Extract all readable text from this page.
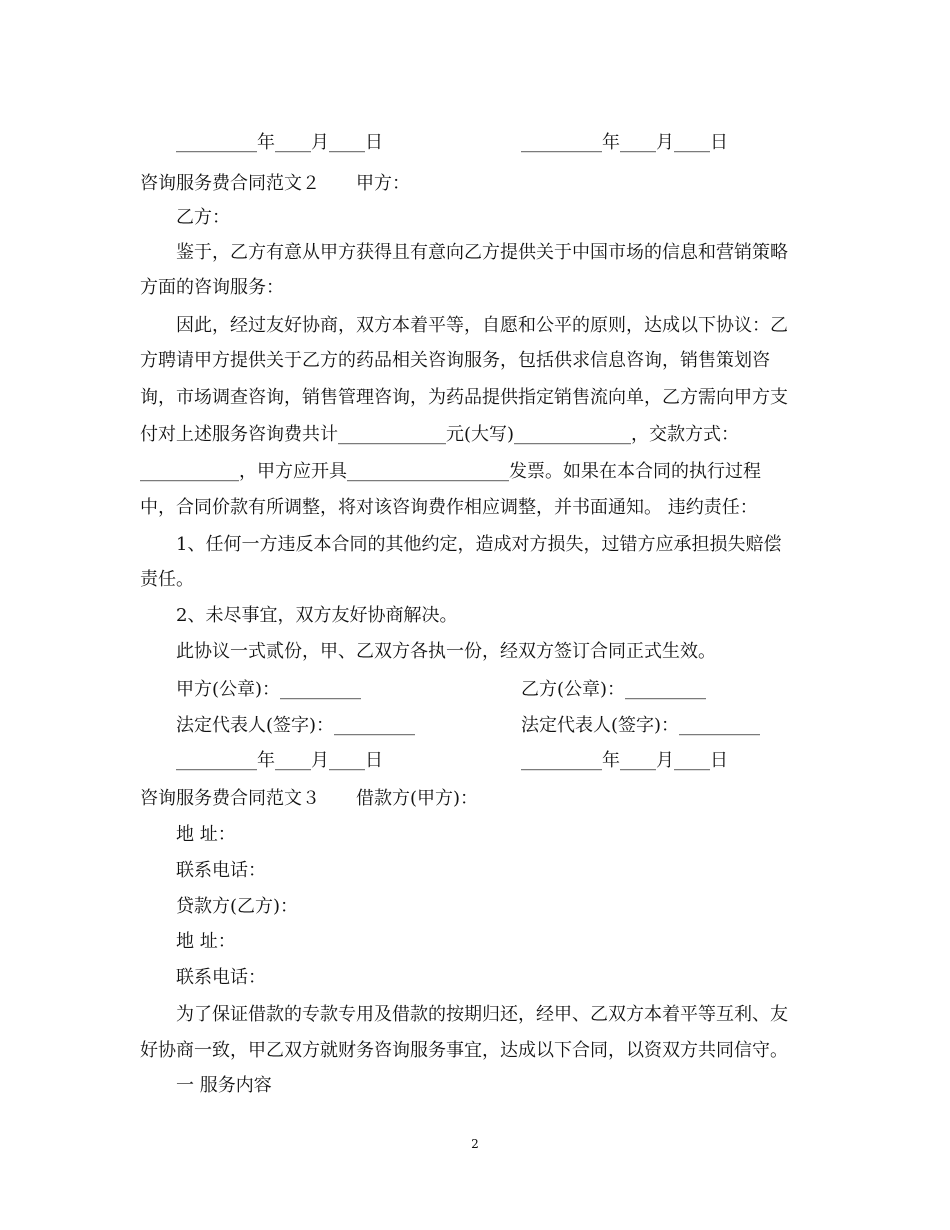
_________年____月____日	_________年____月____日
咨询服务费合同范文２　　甲方：
乙方：
鉴于，乙方有意从甲方获得且有意向乙方提供关于中国市场的信息和营销策略
方面的咨询服务：
因此，经过友好协商，双方本着平等，自愿和公平的原则，达成以下协议：乙
方聘请甲方提供关于乙方的药品相关咨询服务，包括供求信息咨询，销售策划咨
询，市场调查咨询，销售管理咨询，为药品提供指定销售流向单，乙方需向甲方支
付对上述服务咨询费共计____________元(大写)_____________，交款方式：
___________，甲方应开具__________________发票。如果在本合同的执行过程
中，合同价款有所调整，将对该咨询费作相应调整，并书面通知。 违约责任：
1、任何一方违反本合同的其他约定，造成对方损失，过错方应承担损失赔偿
责任。
2、未尽事宜，双方友好协商解决。
此协议一式贰份，甲、乙双方各执一份，经双方签订合同正式生效。
甲方(公章)：_________	乙方(公章)：_________
法定代表人(签字)：_________	法定代表人(签字)：_________
_________年____月____日	_________年____月____日
咨询服务费合同范文３　　借款方(甲方)：
地 址：
联系电话：
贷款方(乙方)：
地 址：
联系电话：
为了保证借款的专款专用及借款的按期归还，经甲、乙双方本着平等互利、友
好协商一致，甲乙双方就财务咨询服务事宜，达成以下合同，以资双方共同信守。
一 服务内容
2
